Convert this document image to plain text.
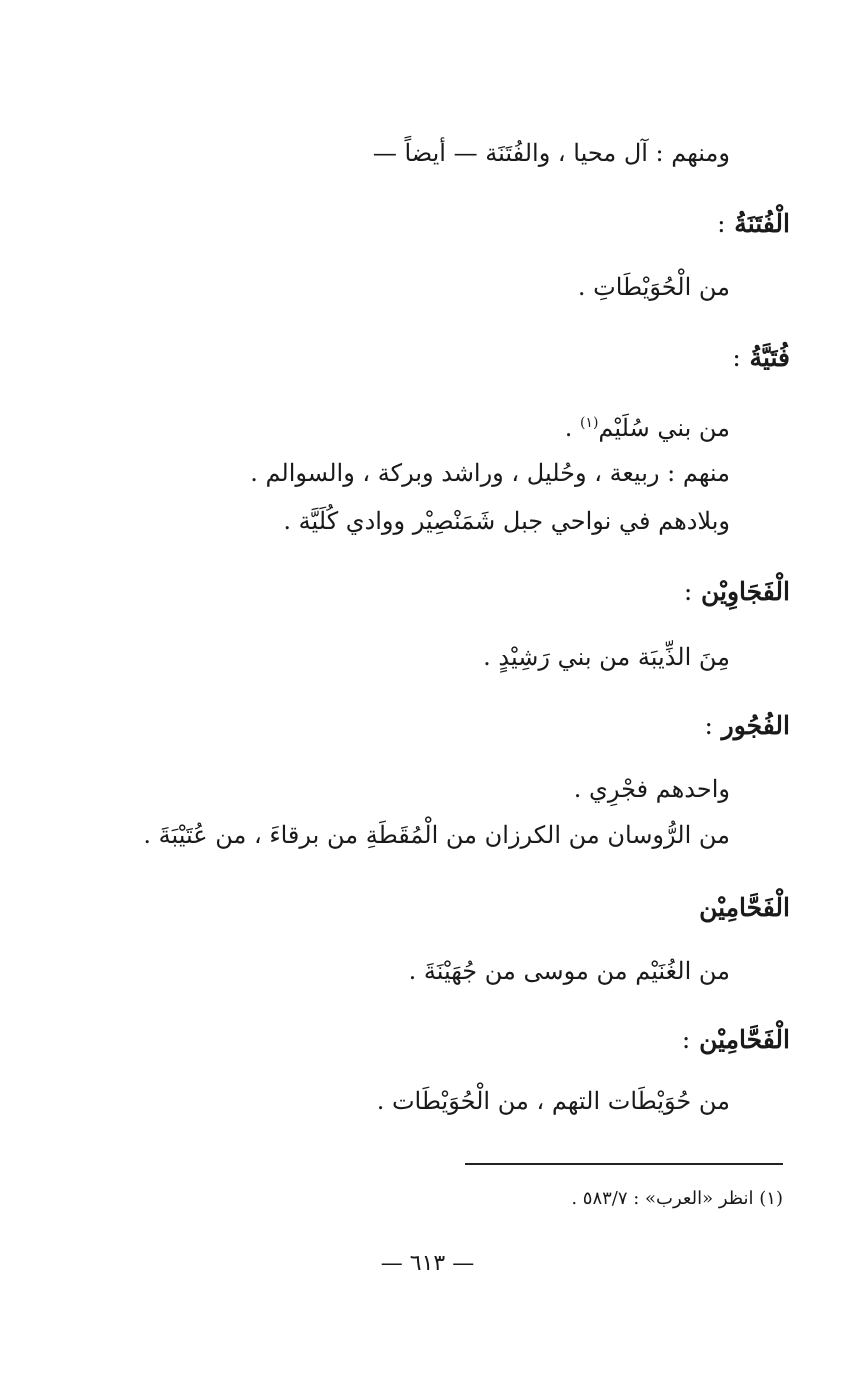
ومنهم : آل محيا ، والفُتَنَة — أيضاً —
الْفُتَنَةُ :
من الْحُوَيْطَاتِ .
فُتَيَّةُ :
من بني سُلَيْم$^{(١)}$ .
منهم : ربيعة ، وحُليل ، وراشد وبركة ، والسوالم .
وبلادهم في نواحي جبل شَمَنْصِيْر ووادي كُلَيَّة .
الْفَجَاوِيْن :
مِنَ الذِّيبَة من بني رَشِيْدٍ .
الفُجُور :
واحدهم فجْرِي .
من الرُّوسان من الكرزان من الْمُقَطَةِ من برقاءَ ، من عُتَيْبَةَ .
الْفَحَّامِيْن
من الغُنَيْم من موسى من جُهَيْنَةَ .
الْفَحَّامِيْن :
من حُوَيْطَات التهم ، من الْحُوَيْطَات .
(١) انظر «العرب» : ٥٨٣/٧ .
— ٦١٣ —
